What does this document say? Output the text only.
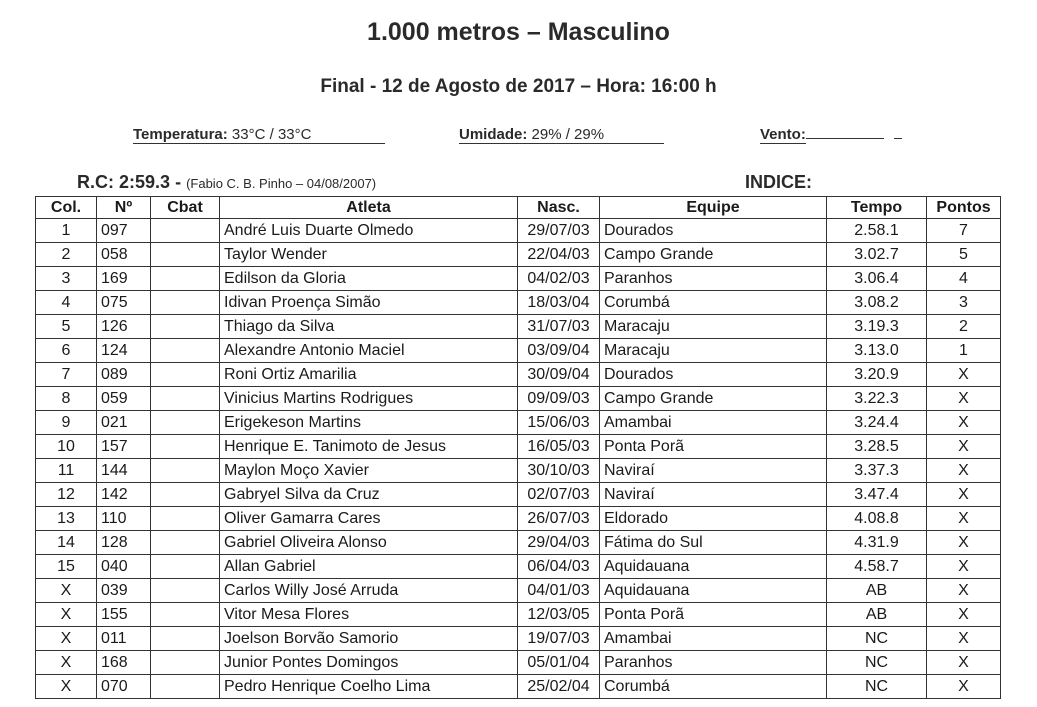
1.000 metros – Masculino
Final - 12 de Agosto de 2017 – Hora: 16:00 h
Temperatura: 33°C / 33°C	Umidade: 29% / 29%	Vento:
R.C: 2:59.3 - (Fabio C. B. Pinho – 04/08/2007)	INDICE:
Col.	Nº	Cbat	Atleta	Nasc.	Equipe	Tempo	Pontos
1	097		André Luis Duarte Olmedo	29/07/03	Dourados	2.58.1	7
2	058		Taylor Wender	22/04/03	Campo Grande	3.02.7	5
3	169		Edilson da Gloria	04/02/03	Paranhos	3.06.4	4
4	075		Idivan Proença Simão	18/03/04	Corumbá	3.08.2	3
5	126		Thiago da Silva	31/07/03	Maracaju	3.19.3	2
6	124		Alexandre Antonio Maciel	03/09/04	Maracaju	3.13.0	1
7	089		Roni Ortiz Amarilia	30/09/04	Dourados	3.20.9	X
8	059		Vinicius Martins Rodrigues	09/09/03	Campo Grande	3.22.3	X
9	021		Erigekeson Martins	15/06/03	Amambai	3.24.4	X
10	157		Henrique E. Tanimoto de Jesus	16/05/03	Ponta Porã	3.28.5	X
11	144		Maylon Moço Xavier	30/10/03	Naviraí	3.37.3	X
12	142		Gabryel Silva da Cruz	02/07/03	Naviraí	3.47.4	X
13	110		Oliver Gamarra Cares	26/07/03	Eldorado	4.08.8	X
14	128		Gabriel Oliveira Alonso	29/04/03	Fátima do Sul	4.31.9	X
15	040		Allan Gabriel	06/04/03	Aquidauana	4.58.7	X
X	039		Carlos Willy José Arruda	04/01/03	Aquidauana	AB	X
X	155		Vitor Mesa Flores	12/03/05	Ponta Porã	AB	X
X	011		Joelson Borvão Samorio	19/07/03	Amambai	NC	X
X	168		Junior Pontes Domingos	05/01/04	Paranhos	NC	X
X	070		Pedro Henrique Coelho Lima	25/02/04	Corumbá	NC	X
